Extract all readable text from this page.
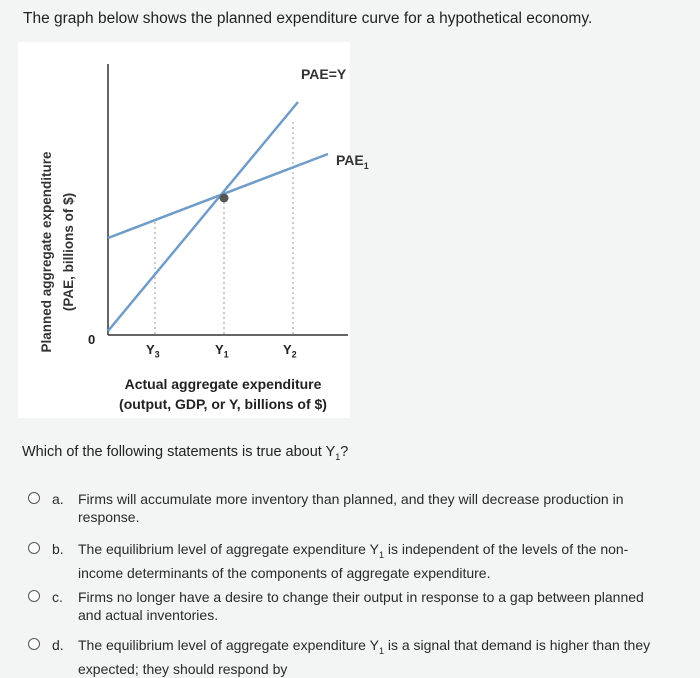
The graph below shows the planned expenditure curve for a hypothetical economy.
Planned aggregate expenditure (PAE, billions of $)
0
$Y_3$	$Y_1$	$Y_2$
PAE=Y
$PAE_1$
Actual aggregate expenditure
(output, GDP, or Y, billions of $)
Which of the following statements is true about $Y_1$?
a. Firms will accumulate more inventory than planned, and they will decrease production in response.
b. The equilibrium level of aggregate expenditure $Y_1$ is independent of the levels of the non-income determinants of the components of aggregate expenditure.
c. Firms no longer have a desire to change their output in response to a gap between planned and actual inventories.
d. The equilibrium level of aggregate expenditure $Y_1$ is a signal that demand is higher than they expected; they should respond by
